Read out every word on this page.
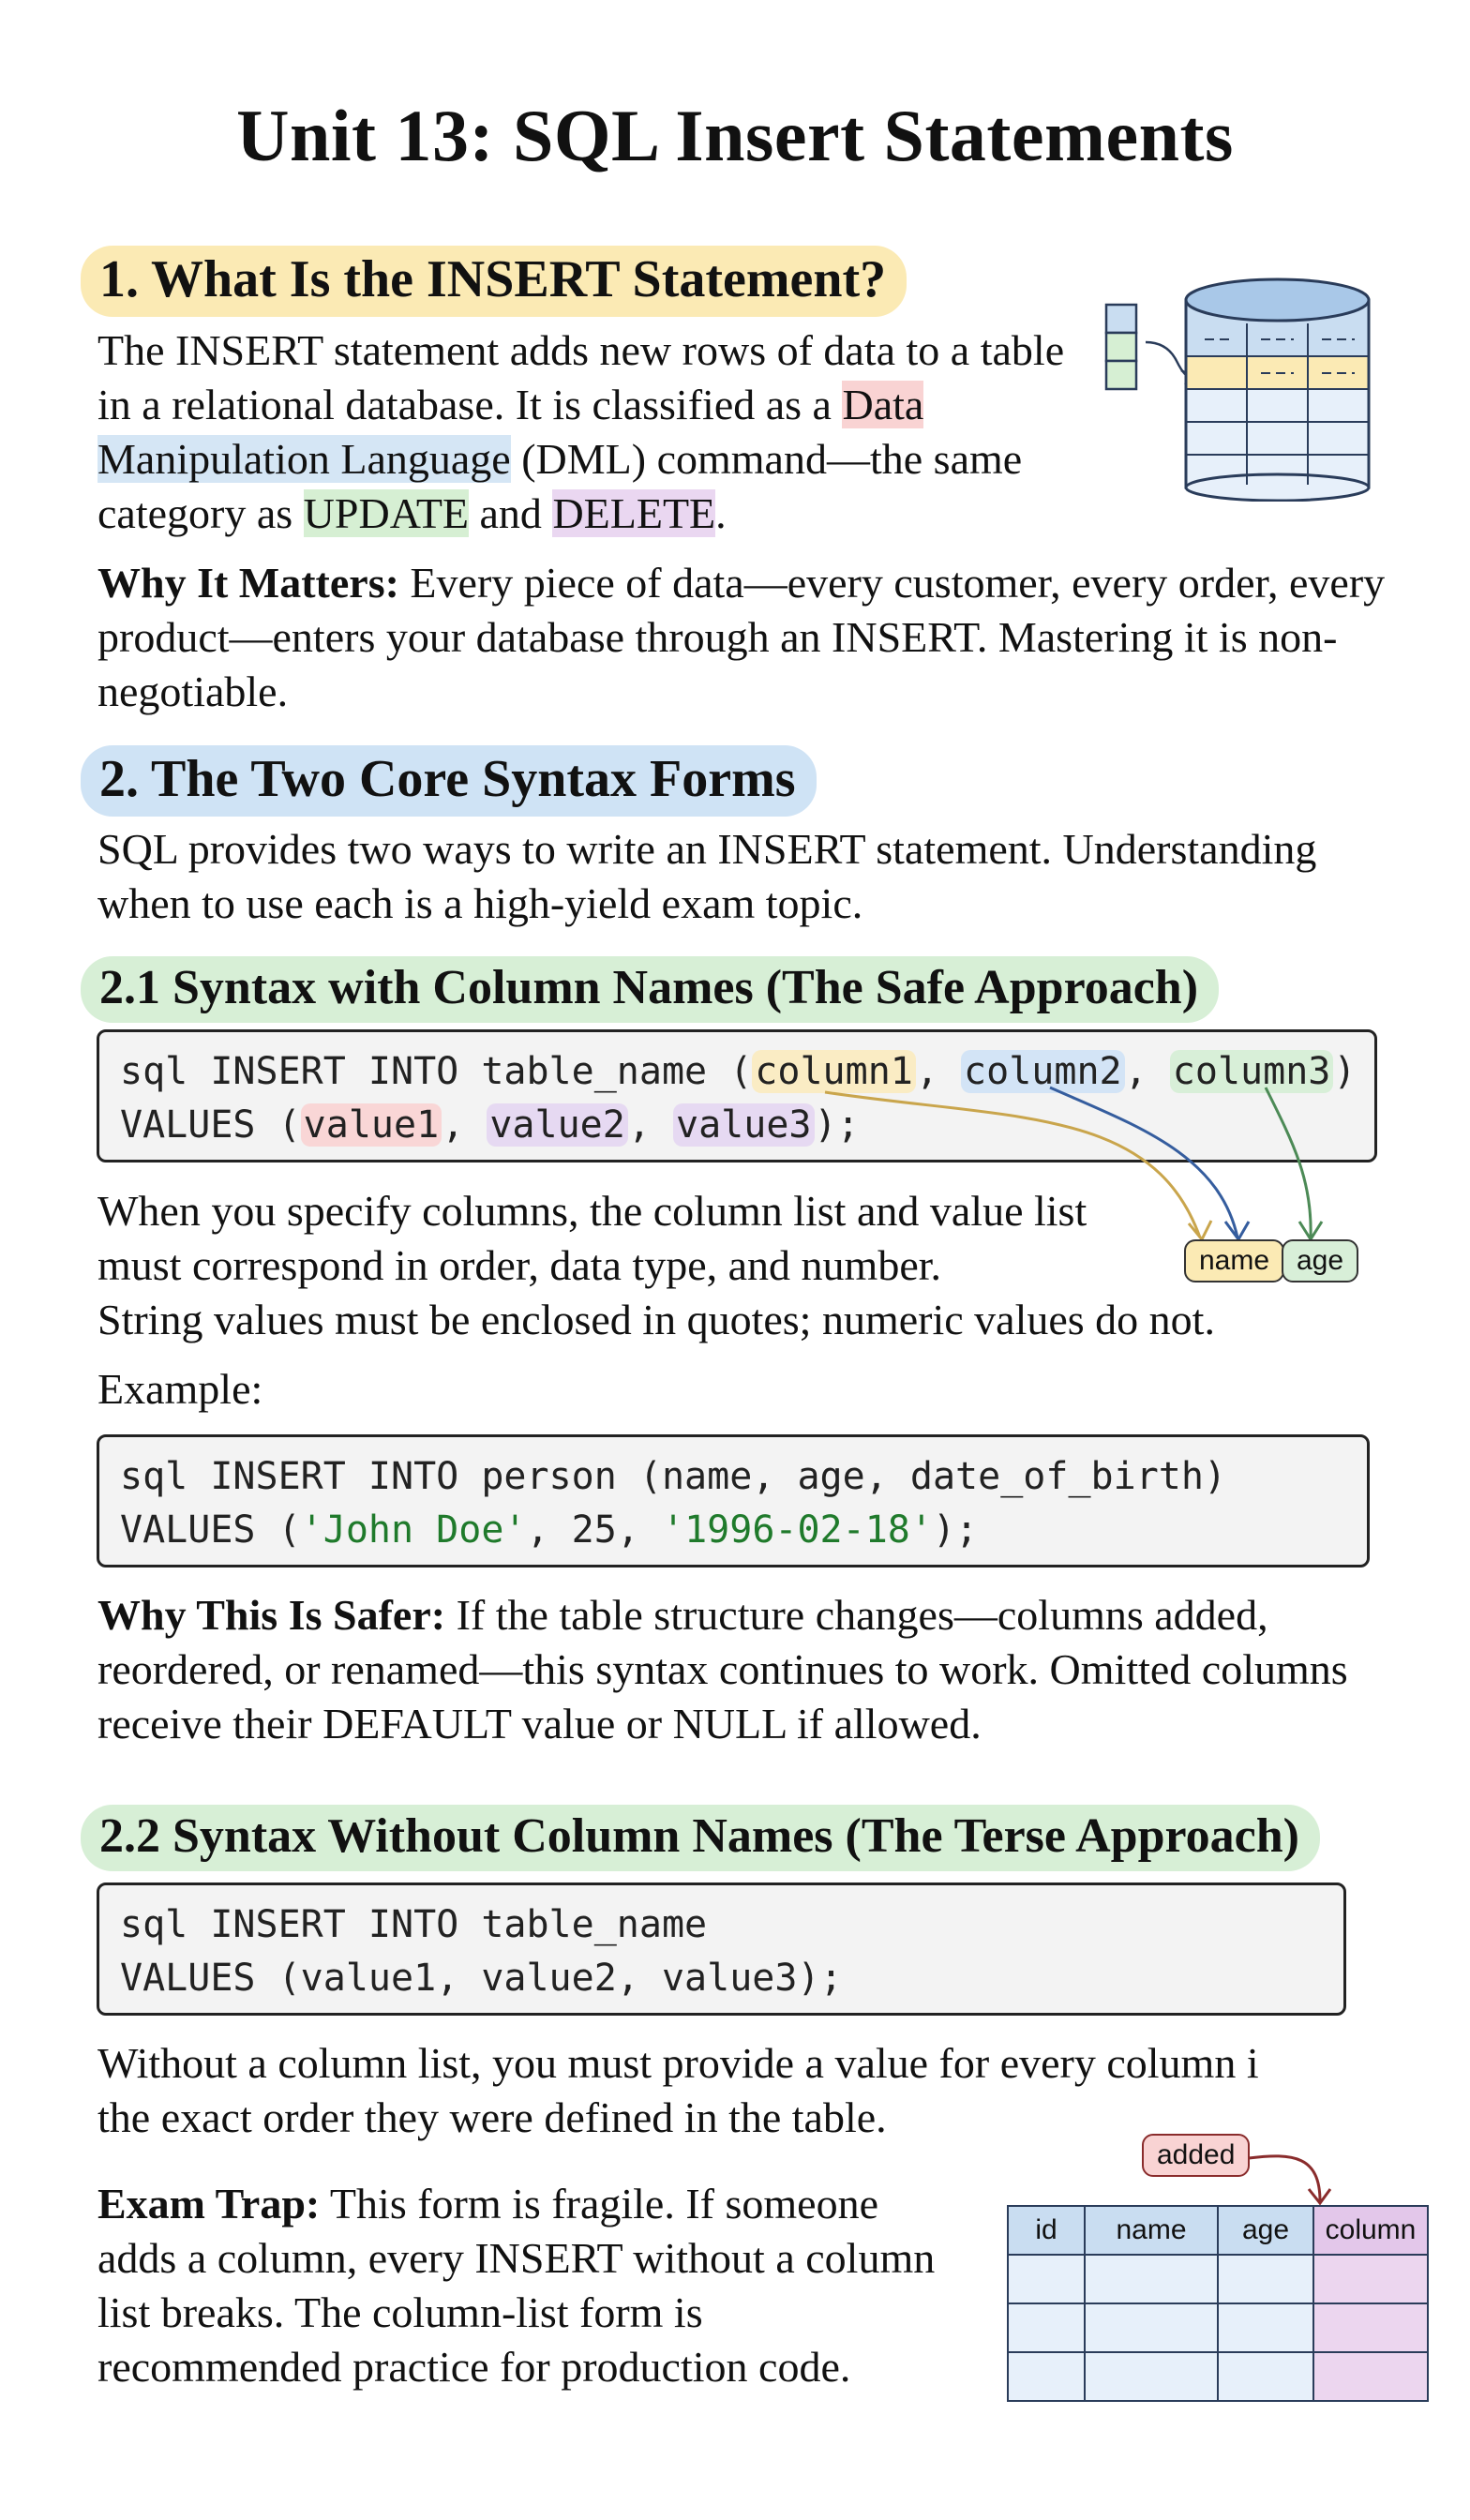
Unit 13: SQL Insert Statements
1. What Is the INSERT Statement?
The INSERT statement adds new rows of data to a table in a relational database. It is classified as a Data Manipulation Language (DML) command—the same category as UPDATE and DELETE.
Why It Matters: Every piece of data—every customer, every order, every product—enters your database through an INSERT. Mastering it is non-negotiable.
2. The Two Core Syntax Forms
SQL provides two ways to write an INSERT statement. Understanding when to use each is a high-yield exam topic.
2.1 Syntax with Column Names (The Safe Approach)
sql INSERT INTO table_name (column1, column2, column3)
VALUES (value1, value2, value3);
name age
When you specify columns, the column list and value list
must correspond in order, data type, and number.
String values must be enclosed in quotes; numeric values do not.
Example:
sql INSERT INTO person (name, age, date_of_birth)
VALUES ('John Doe', 25, '1996-02-18');
Why This Is Safer: If the table structure changes—columns added, reordered, or renamed—this syntax continues to work. Omitted columns receive their DEFAULT value or NULL if allowed.
2.2 Syntax Without Column Names (The Terse Approach)
sql INSERT INTO table_name
VALUES (value1, value2, value3);
Without a column list, you must provide a value for every column i
the exact order they were defined in the table.
Exam Trap: This form is fragile. If someone adds a column, every INSERT without a column list breaks. The column-list form is recommended practice for production code.
added
id	name	age	column
